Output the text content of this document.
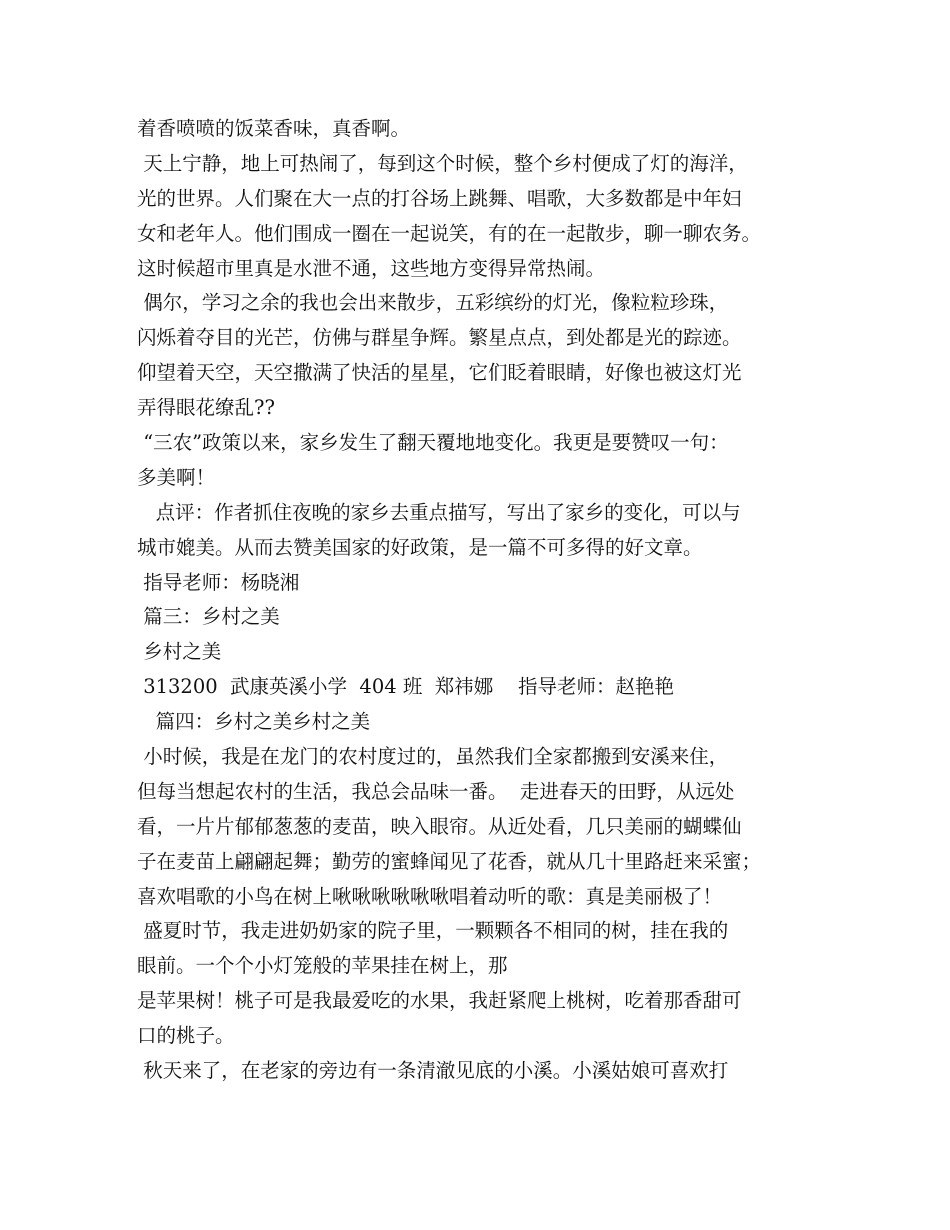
着香喷喷的饭菜香味，真香啊。
天上宁静，地上可热闹了，每到这个时候，整个乡村便成了灯的海洋，
光的世界。人们聚在大一点的打谷场上跳舞、唱歌，大多数都是中年妇
女和老年人。他们围成一圈在一起说笑，有的在一起散步，聊一聊农务。
这时候超市里真是水泄不通，这些地方变得异常热闹。
偶尔，学习之余的我也会出来散步，五彩缤纷的灯光，像粒粒珍珠，
闪烁着夺目的光芒，仿佛与群星争辉。繁星点点，到处都是光的踪迹。
仰望着天空，天空撒满了快活的星星，它们眨着眼睛，好像也被这灯光
弄得眼花缭乱??
“三农”政策以来，家乡发生了翻天覆地地变化。我更是要赞叹一句：
多美啊！
点评：作者抓住夜晚的家乡去重点描写，写出了家乡的变化，可以与
城市媲美。从而去赞美国家的好政策，是一篇不可多得的好文章。
指导老师：杨晓湘
篇三：乡村之美
乡村之美
313200  武康英溪小学  404 班  郑祎娜    指导老师：赵艳艳
篇四：乡村之美乡村之美
小时候，我是在龙门的农村度过的，虽然我们全家都搬到安溪来住，
但每当想起农村的生活，我总会品味一番。  走进春天的田野，从远处
看，一片片郁郁葱葱的麦苗，映入眼帘。从近处看，几只美丽的蝴蝶仙
子在麦苗上翩翩起舞；勤劳的蜜蜂闻见了花香，就从几十里路赶来采蜜；
喜欢唱歌的小鸟在树上啾啾啾啾啾啾唱着动听的歌：真是美丽极了！
盛夏时节，我走进奶奶家的院子里，一颗颗各不相同的树，挂在我的
眼前。一个个小灯笼般的苹果挂在树上，那
是苹果树！桃子可是我最爱吃的水果，我赶紧爬上桃树，吃着那香甜可
口的桃子。
秋天来了，在老家的旁边有一条清澈见底的小溪。小溪姑娘可喜欢打
